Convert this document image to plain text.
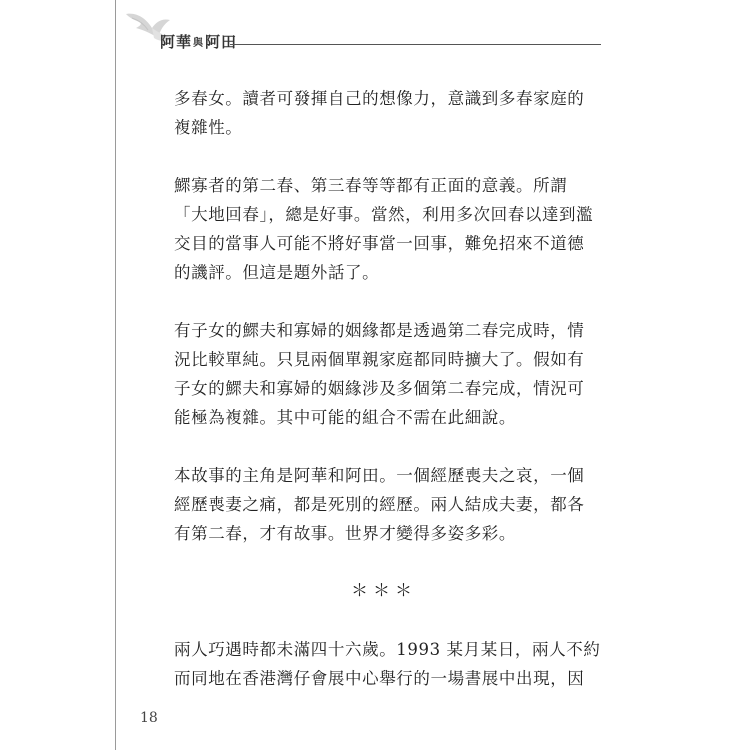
阿華與阿田
多春女。讀者可發揮自己的想像力，意識到多春家庭的
複雜性。
鰥寡者的第二春、第三春等等都有正面的意義。所謂
「大地回春」，總是好事。當然，利用多次回春以達到濫
交目的當事人可能不將好事當一回事，難免招來不道德
的譏評。但這是題外話了。
有子女的鰥夫和寡婦的姻緣都是透過第二春完成時，情
況比較單純。只見兩個單親家庭都同時擴大了。假如有
子女的鰥夫和寡婦的姻緣涉及多個第二春完成，情況可
能極為複雜。其中可能的組合不需在此細說。
本故事的主角是阿華和阿田。一個經歷喪夫之哀，一個
經歷喪妻之痛，都是死別的經歷。兩人結成夫妻，都各
有第二春，才有故事。世界才變得多姿多彩。
＊＊＊
兩人巧遇時都未滿四十六歲。1993 某月某日，兩人不約
而同地在香港灣仔會展中心舉行的一場書展中出現，因
18
